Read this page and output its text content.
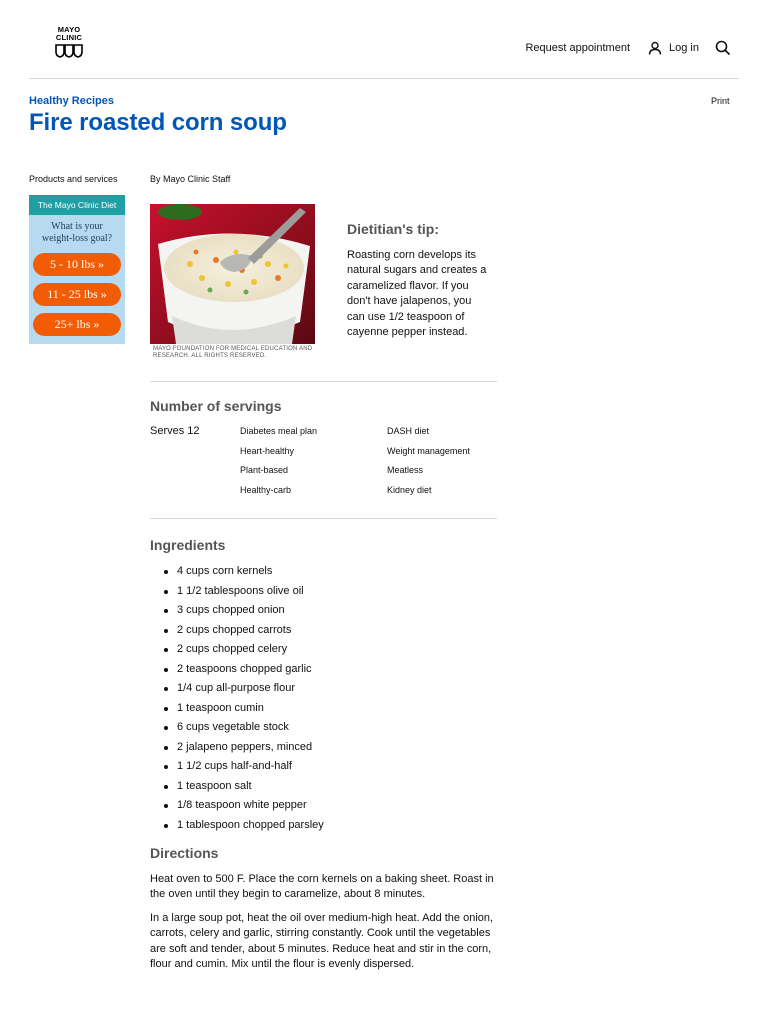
MAYO
CLINIC
Request appointment	Log in
Healthy Recipes	Print
Fire roasted corn soup
Products and services
The Mayo Clinic Diet
What is your
weight-loss goal?
5 - 10 lbs »
11 - 25 lbs »
25+ lbs »
By Mayo Clinic Staff
MAYO FOUNDATION FOR MEDICAL EDUCATION AND RESEARCH. ALL RIGHTS RESERVED.
Dietitian's tip:

Roasting corn develops its natural sugars and creates a caramelized flavor. If you don't have jalapenos, you can use 1/2 teaspoon of cayenne pepper instead.

Number of servings
Serves 12	Diabetes meal plan	DASH diet
Heart-healthy	Weight management
Plant-based	Meatless
Healthy-carb	Kidney diet
Ingredients
4 cups corn kernels
1 1/2 tablespoons olive oil
3 cups chopped onion
2 cups chopped carrots
2 cups chopped celery
2 teaspoons chopped garlic
1/4 cup all-purpose flour
1 teaspoon cumin
6 cups vegetable stock
2 jalapeno peppers, minced
1 1/2 cups half-and-half
1 teaspoon salt
1/8 teaspoon white pepper
1 tablespoon chopped parsley
Directions

Heat oven to 500 F. Place the corn kernels on a baking sheet. Roast in the oven until they begin to caramelize, about 8 minutes.

In a large soup pot, heat the oil over medium-high heat. Add the onion, carrots, celery and garlic, stirring constantly. Cook until the vegetables are soft and tender, about 5 minutes. Reduce heat and stir in the corn, flour and cumin. Mix until the flour is evenly dispersed.
